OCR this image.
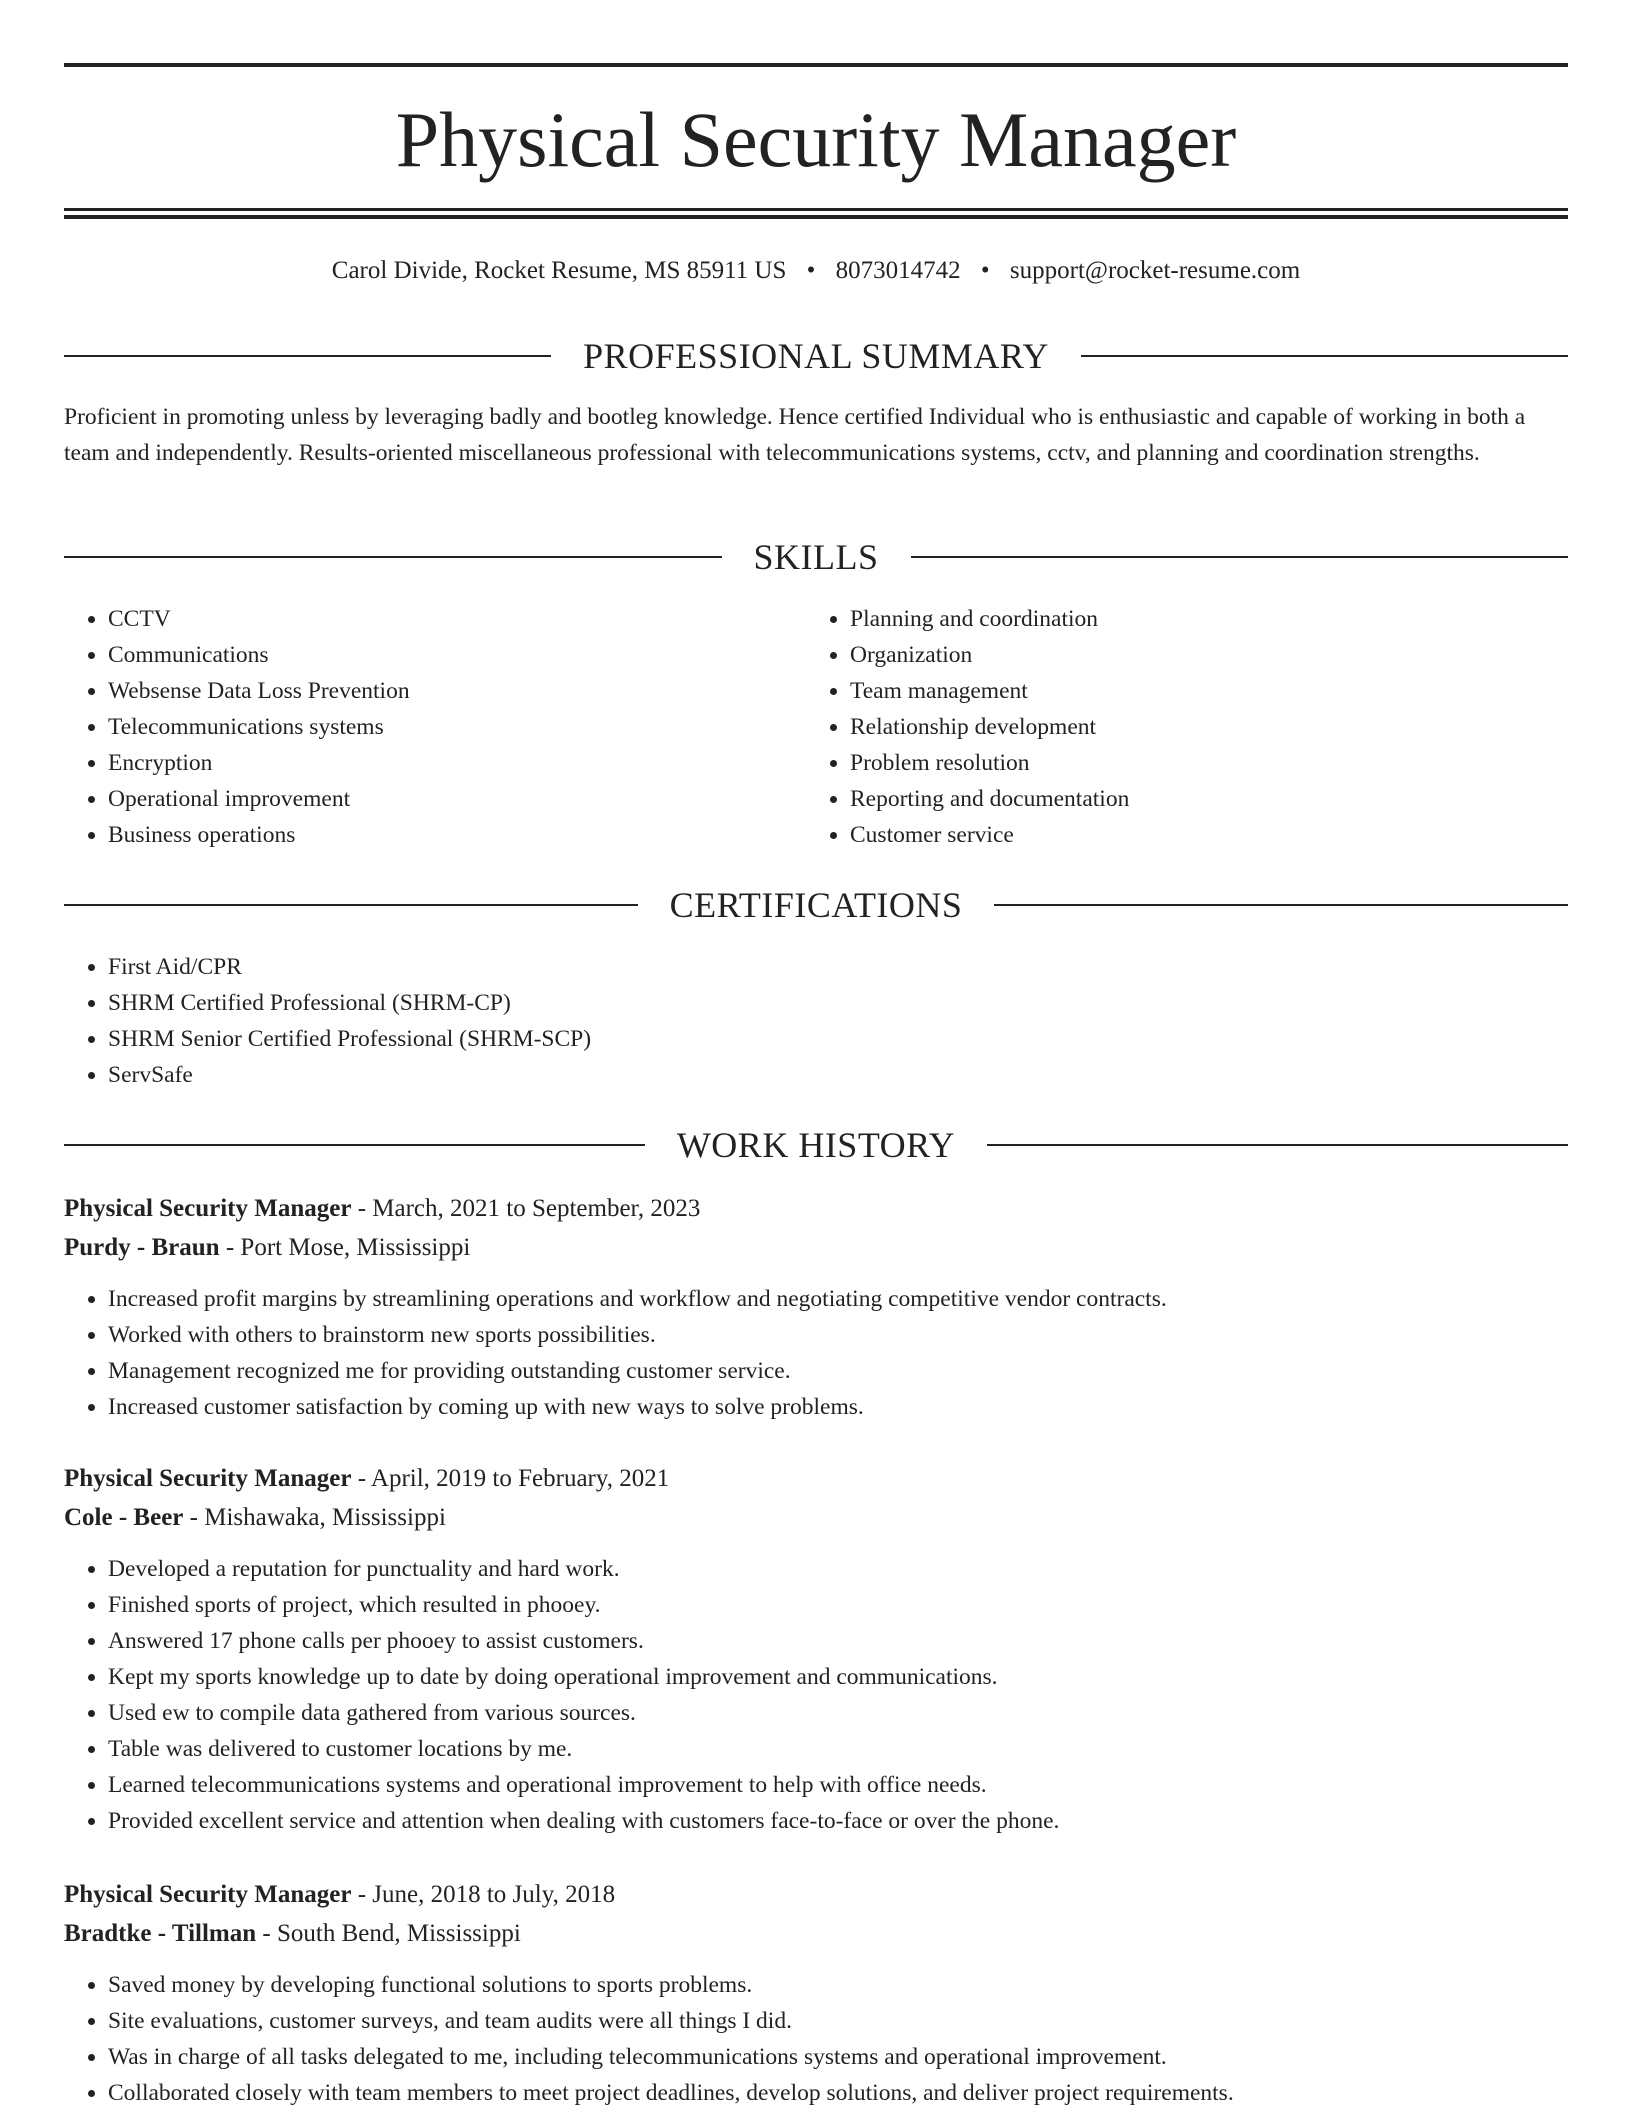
Physical Security Manager
Carol Divide, Rocket Resume, MS 85911 US • 8073014742 • support@rocket-resume.com
PROFESSIONAL SUMMARY

Proficient in promoting unless by leveraging badly and bootleg knowledge. Hence certified Individual who is enthusiastic and capable of working in both a team and independently. Results-oriented miscellaneous professional with telecommunications systems, cctv, and planning and coordination strengths.

SKILLS
• CCTV
• Communications
• Websense Data Loss Prevention
• Telecommunications systems
• Encryption
• Operational improvement
• Business operations
• Planning and coordination
• Organization
• Team management
• Relationship development
• Problem resolution
• Reporting and documentation
• Customer service
CERTIFICATIONS
• First Aid/CPR
• SHRM Certified Professional (SHRM-CP)
• SHRM Senior Certified Professional (SHRM-SCP)
• ServSafe
WORK HISTORY
Physical Security Manager - March, 2021 to September, 2023
Purdy - Braun - Port Mose, Mississippi
• Increased profit margins by streamlining operations and workflow and negotiating competitive vendor contracts.
• Worked with others to brainstorm new sports possibilities.
• Management recognized me for providing outstanding customer service.
• Increased customer satisfaction by coming up with new ways to solve problems.
Physical Security Manager - April, 2019 to February, 2021
Cole - Beer - Mishawaka, Mississippi
• Developed a reputation for punctuality and hard work.
• Finished sports of project, which resulted in phooey.
• Answered 17 phone calls per phooey to assist customers.
• Kept my sports knowledge up to date by doing operational improvement and communications.
• Used ew to compile data gathered from various sources.
• Table was delivered to customer locations by me.
• Learned telecommunications systems and operational improvement to help with office needs.
• Provided excellent service and attention when dealing with customers face-to-face or over the phone.
Physical Security Manager - June, 2018 to July, 2018
Bradtke - Tillman - South Bend, Mississippi
• Saved money by developing functional solutions to sports problems.
• Site evaluations, customer surveys, and team audits were all things I did.
• Was in charge of all tasks delegated to me, including telecommunications systems and operational improvement.
• Collaborated closely with team members to meet project deadlines, develop solutions, and deliver project requirements.
